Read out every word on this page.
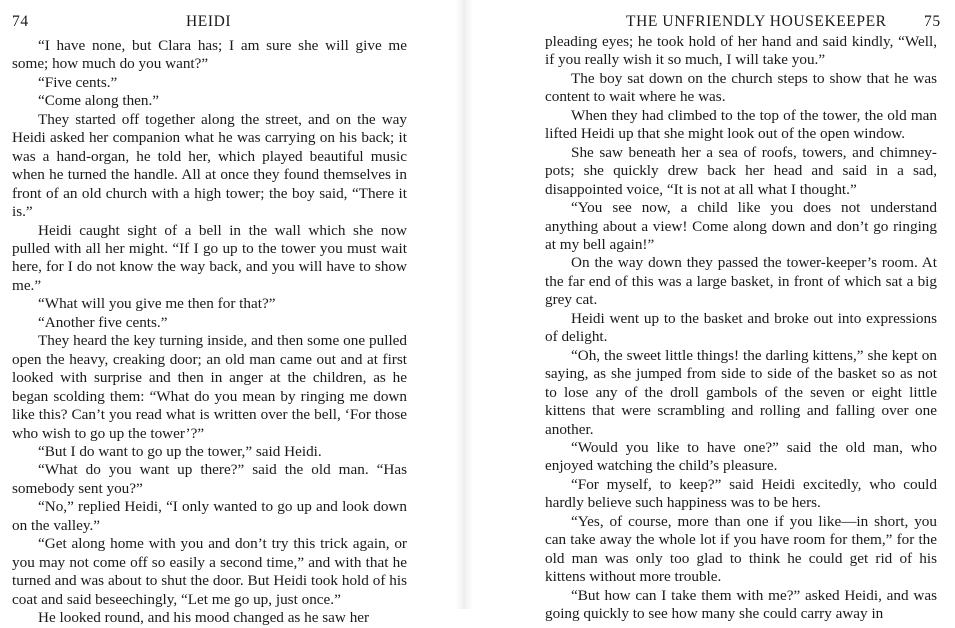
74	HEIDI

“I have none, but Clara has; I am sure she will give me some; how much do you want?”

“Five cents.”

“Come along then.”

They started off together along the street, and on the way Heidi asked her companion what he was carrying on his back; it was a hand-organ, he told her, which played beautiful music when he turned the handle. All at once they found themselves in front of an old church with a high tower; the boy said, “There it is.”

Heidi caught sight of a bell in the wall which she now pulled with all her might. “If I go up to the tower you must wait here, for I do not know the way back, and you will have to show me.”

“What will you give me then for that?”

“Another five cents.”

They heard the key turning inside, and then some one pulled open the heavy, creaking door; an old man came out and at first looked with surprise and then in anger at the children, as he began scolding them: “What do you mean by ringing me down like this? Can’t you read what is written over the bell, ‘For those who wish to go up the tower’?”

“But I do want to go up the tower,” said Heidi.

“What do you want up there?” said the old man. “Has somebody sent you?”

“No,” replied Heidi, “I only wanted to go up and look down on the valley.”

“Get along home with you and don’t try this trick again, or you may not come off so easily a second time,” and with that he turned and was about to shut the door. But Heidi took hold of his coat and said beseechingly, “Let me go up, just once.”

He looked round, and his mood changed as he saw her

THE UNFRIENDLY HOUSEKEEPER 75

pleading eyes; he took hold of her hand and said kindly, “Well, if you really wish it so much, I will take you.”

The boy sat down on the church steps to show that he was content to wait where he was.

When they had climbed to the top of the tower, the old man lifted Heidi up that she might look out of the open window.

She saw beneath her a sea of roofs, towers, and chimney-pots; she quickly drew back her head and said in a sad, disappointed voice, “It is not at all what I thought.”

“You see now, a child like you does not understand anything about a view! Come along down and don’t go ringing at my bell again!”

On the way down they passed the tower-keeper’s room. At the far end of this was a large basket, in front of which sat a big grey cat.

Heidi went up to the basket and broke out into expressions of delight.

“Oh, the sweet little things! the darling kittens,” she kept on saying, as she jumped from side to side of the basket so as not to lose any of the droll gambols of the seven or eight little kittens that were scrambling and rolling and falling over one another.

“Would you like to have one?” said the old man, who enjoyed watching the child’s pleasure.

“For myself, to keep?” said Heidi excitedly, who could hardly believe such happiness was to be hers.

“Yes, of course, more than one if you like—in short, you can take away the whole lot if you have room for them,” for the old man was only too glad to think he could get rid of his kittens without more trouble.

“But how can I take them with me?” asked Heidi, and was going quickly to see how many she could carry away in
